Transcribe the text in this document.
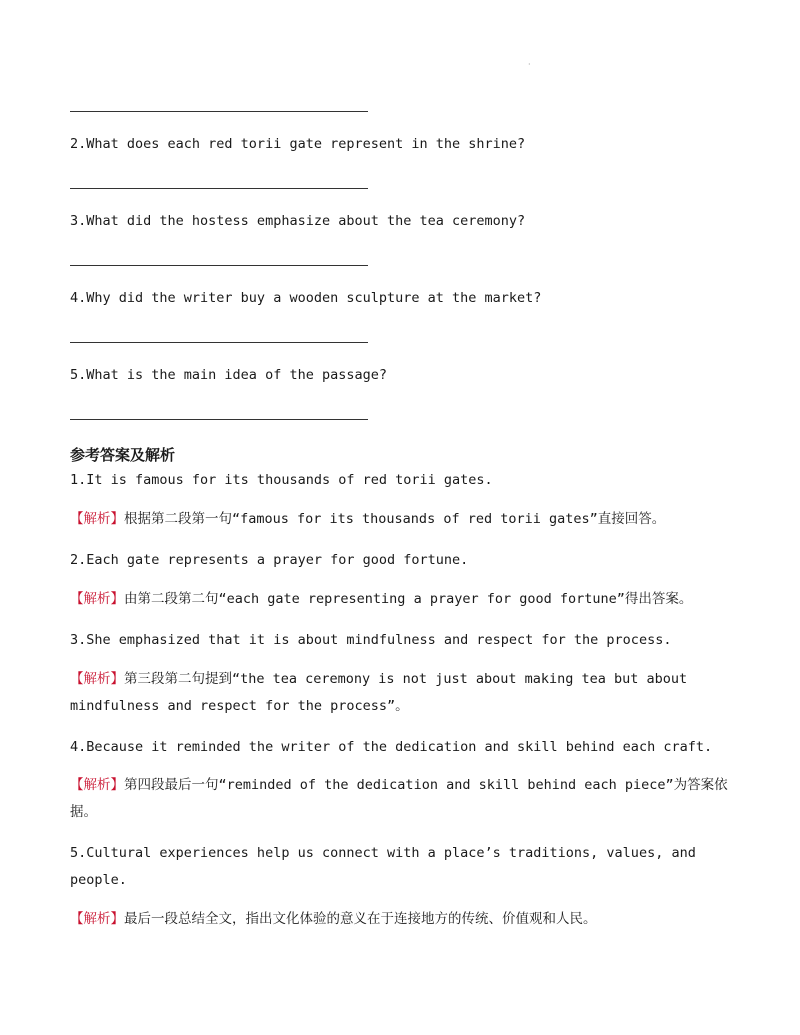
·
2.What does each red torii gate represent in the shrine?
3.What did the hostess emphasize about the tea ceremony?
4.Why did the writer buy a wooden sculpture at the market?
5.What is the main idea of the passage?
参考答案及解析
1.It is famous for its thousands of red torii gates.
【解析】根据第二段第一句“famous for its thousands of red torii gates”直接回答。
2.Each gate represents a prayer for good fortune.
【解析】由第二段第二句“each gate representing a prayer for good fortune”得出答案。
3.She emphasized that it is about mindfulness and respect for the process.
【解析】第三段第二句提到“the tea ceremony is not just about making tea but about mindfulness and respect for the process”。
4.Because it reminded the writer of the dedication and skill behind each craft.
【解析】第四段最后一句“reminded of the dedication and skill behind each piece”为答案依据。
5.Cultural experiences help us connect with a place’s traditions, values, and people.
【解析】最后一段总结全文，指出文化体验的意义在于连接地方的传统、价值观和人民。
